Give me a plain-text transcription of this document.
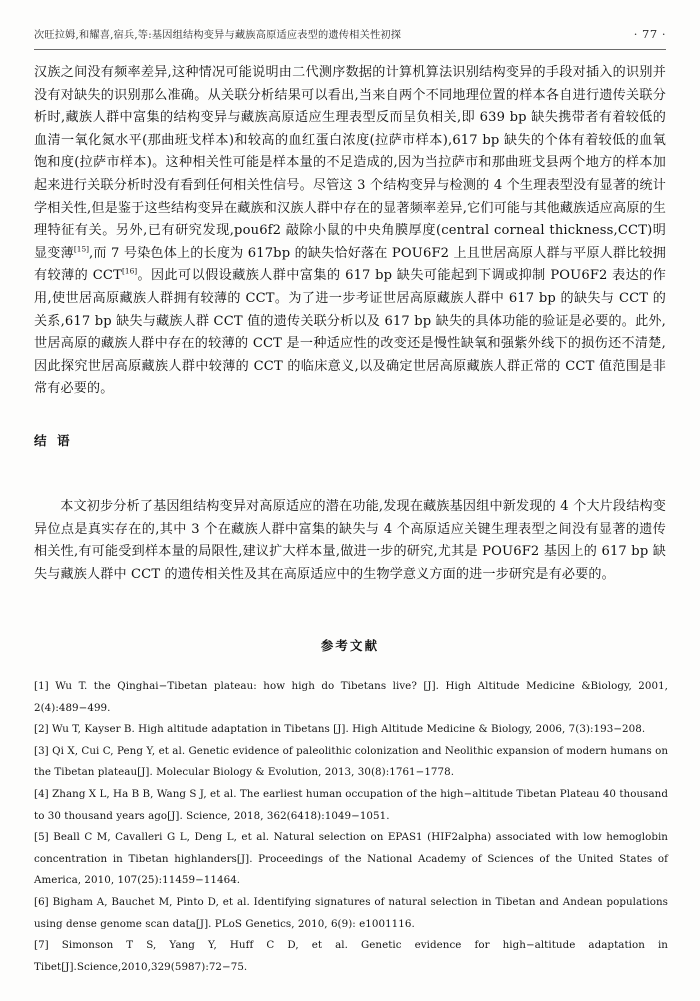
次旺拉姆,和耀喜,宿兵,等:基因组结构变异与藏族高原适应表型的遗传相关性初探	· 77 ·

汉族之间没有频率差异,这种情况可能说明由二代测序数据的计算机算法识别结构变异的手段对插入的识别并没有对缺失的识别那么准确。从关联分析结果可以看出,当来自两个不同地理位置的样本各自进行遗传关联分析时,藏族人群中富集的结构变异与藏族高原适应生理表型反而呈负相关,即 639 bp 缺失携带者有着较低的血清一氧化氮水平(那曲班戈样本)和较高的血红蛋白浓度(拉萨市样本),617 bp 缺失的个体有着较低的血氧饱和度(拉萨市样本)。这种相关性可能是样本量的不足造成的,因为当拉萨市和那曲班戈县两个地方的样本加起来进行关联分析时没有看到任何相关性信号。尽管这 3 个结构变异与检测的 4 个生理表型没有显著的统计学相关性,但是鉴于这些结构变异在藏族和汉族人群中存在的显著频率差异,它们可能与其他藏族适应高原的生理特征有关。另外,已有研究发现,pou6f2 敲除小鼠的中央角膜厚度(central corneal thickness,CCT)明显变薄[15],而 7 号染色体上的长度为 617bp 的缺失恰好落在 POU6F2 上且世居高原人群与平原人群比较拥有较薄的 CCT[16]。因此可以假设藏族人群中富集的 617 bp 缺失可能起到下调或抑制 POU6F2 表达的作用,使世居高原藏族人群拥有较薄的 CCT。为了进一步考证世居高原藏族人群中 617 bp 的缺失与 CCT 的关系,617 bp 缺失与藏族人群 CCT 值的遗传关联分析以及 617 bp 缺失的具体功能的验证是必要的。此外,世居高原的藏族人群中存在的较薄的 CCT 是一种适应性的改变还是慢性缺氧和强紫外线下的损伤还不清楚,因此探究世居高原藏族人群中较薄的 CCT 的临床意义,以及确定世居高原藏族人群正常的 CCT 值范围是非常有必要的。

结 语

本文初步分析了基因组结构变异对高原适应的潜在功能,发现在藏族基因组中新发现的 4 个大片段结构变异位点是真实存在的,其中 3 个在藏族人群中富集的缺失与 4 个高原适应关键生理表型之间没有显著的遗传相关性,有可能受到样本量的局限性,建议扩大样本量,做进一步的研究,尤其是 POU6F2 基因上的 617 bp 缺失与藏族人群中 CCT 的遗传相关性及其在高原适应中的生物学意义方面的进一步研究是有必要的。

参考文献

[1] Wu T. the Qinghai−Tibetan plateau: how high do Tibetans live? [J]. High Altitude Medicine &Biology, 2001, 2(4):489−499.

[2] Wu T, Kayser B. High altitude adaptation in Tibetans [J]. High Altitude Medicine & Biology, 2006, 7(3):193−208.

[3] Qi X, Cui C, Peng Y, et al. Genetic evidence of paleolithic colonization and Neolithic expansion of modern humans on the Tibetan plateau[J]. Molecular Biology & Evolution, 2013, 30(8):1761−1778.

[4] Zhang X L, Ha B B, Wang S J, et al. The earliest human occupation of the high−altitude Tibetan Plateau 40 thousand to 30 thousand years ago[J]. Science, 2018, 362(6418):1049−1051.

[5] Beall C M, Cavalleri G L, Deng L, et al. Natural selection on EPAS1 (HIF2alpha) associated with low hemoglobin concentration in Tibetan highlanders[J]. Proceedings of the National Academy of Sciences of the United States of America, 2010, 107(25):11459−11464.

[6] Bigham A, Bauchet M, Pinto D, et al. Identifying signatures of natural selection in Tibetan and Andean populations using dense genome scan data[J]. PLoS Genetics, 2010, 6(9): e1001116.

[7] Simonson T S, Yang Y, Huff C D, et al. Genetic evidence for high−altitude adaptation in Tibet[J].Science,2010,329(5987):72−75.
